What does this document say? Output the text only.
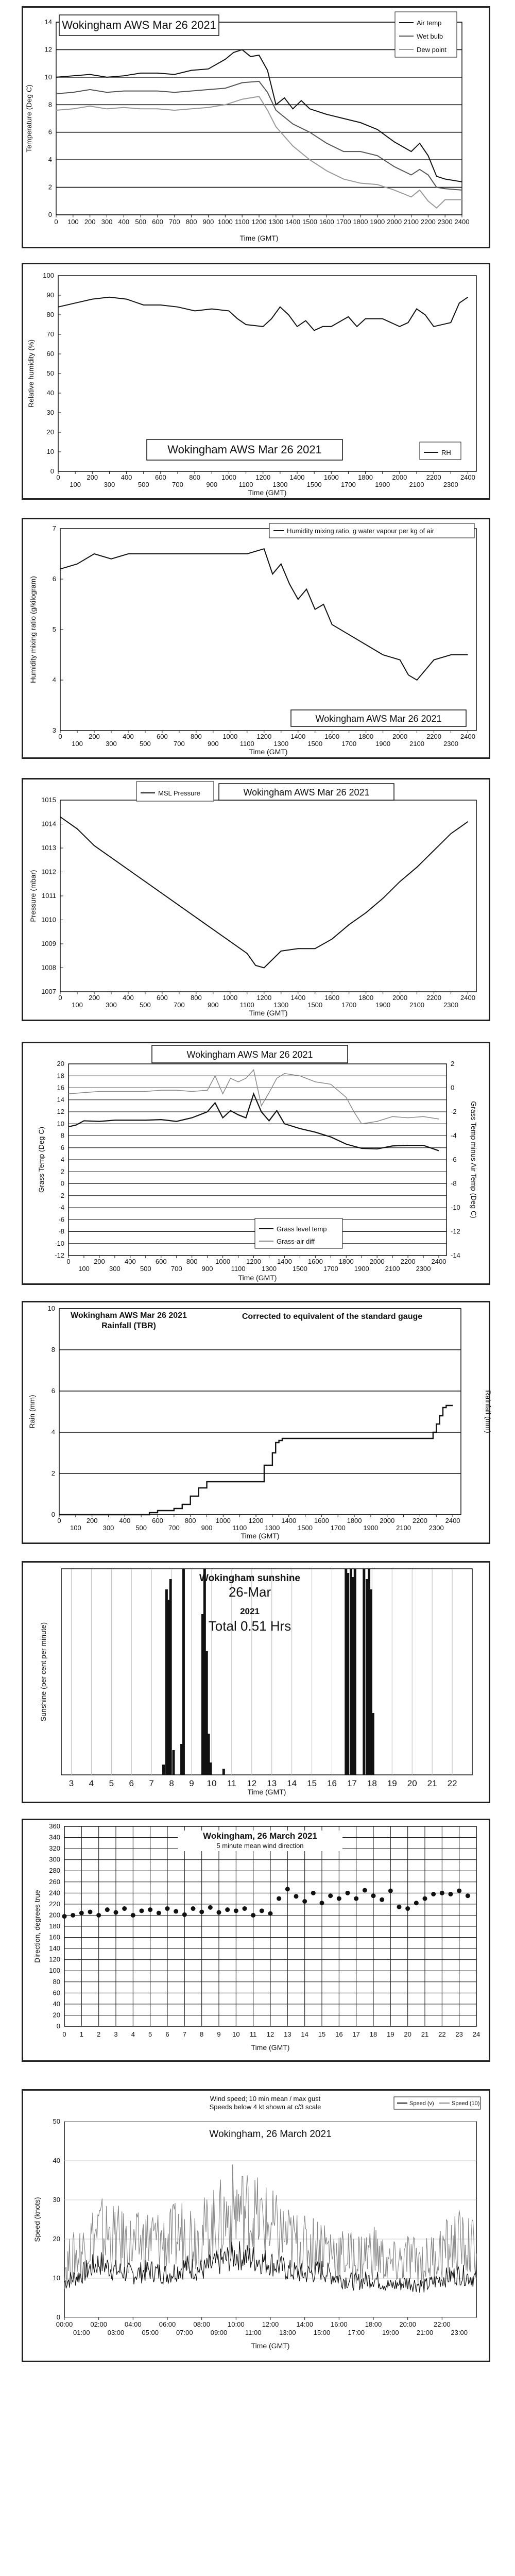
0
2
4
6
8
10
12
14
0 100 200 300 400 500 600 700 800 900 1000 1100 1200 1300 1400 1500 1600 1700 1800 1900 2000 2100 2200 2300 2400
Time (GMT)
Temperature (Deg C)
Wokingham AWS Mar 26 2021	Air temp
Wet bulb
Dew point
0
10
20
30
40
50
60
70
80
90
100
0
100
200
300
400
500
600
700
800
900
1000
1100
1200
1300
1400
1500
1600
1700
1800
1900
2000
2100
2200
2300
2400
Time (GMT)
Relative humidity (%)
Wokingham AWS Mar 26 2021	RH
3
4
5
6
7
0
100
200
300
400
500
600
700
800
900
1000
1100
1200
1300
1400
1500
1600
1700
1800
1900
2000
2100
2200
2300
2400
Time (GMT)
Humidity mixing ratio (g/kilogram)
Wokingham AWS Mar 26 2021
Humidity mixing ratio, g water vapour per kg of air
1007
1008
1009
1010
1011
1012
1013
1014
1015
0
100
200
300
400
500
600
700
800
900
1000
1100
1200
1300
1400
1500
1600
1700
1800
1900
2000
2100
2200
2300
2400
Time (GMT)
Pressure (mbar)
Wokingham AWS Mar 26 2021
MSL Pressure
-12
-10
-8
-6
-4
-2
0
2
4
6
8
10
12
14
16
18
20
-14
-12
-10
-8
-6
-4
-2
0
2
0
100
200
300
400
500
600
700
800
900
1000
1100
1200
1300
1400
1500
1600
1700
1800
1900
2000
2100
2200
2300
2400
Time (GMT)
Grass Temp (Deg C)	Grass Temp minus Air Temp (Deg C)
Wokingham AWS Mar 26 2021
Grass level temp
Grass-air diff
0
2
4
6
8
10
0
100
200
300
400
500
600
700
800
900
1000
1100
1200
1300
1400
1500
1600
1700
1800
1900
2000
2100
2200
2300
2400
Time (GMT)
Rain (mm)	Rainfall (mm)
Wokingham AWS Mar 26 2021
Rainfall (TBR)
Corrected to equivalent of the standard gauge
3 4 5 6 7 8 9 10 11 12 13 14 15 16 17 18 19 20 21 22
Time (GMT)
Sunshine (per cent per minute)
Wokingham sunshine
26-Mar
2021
Total 0.51 Hrs
0 1 2 3 4 5 6 7 8 9 10 11 12 13 14 15 16 17 18 19 20 21 22 23 24
0
20
40
60
80
100
120
140
160
180
200
220
240
260
280
300
320
340
360
Time (GMT)
Direction, degrees true
Wokingham, 26 March 2021
5 minute mean wind direction
0
10
20
30
40
50
00:00	02:00	04:00	06:00	08:00	10:00	12:00	14:00	16:00	18:00	20:00	22:00
01:00	03:00	05:00	07:00	09:00	11:00	13:00	15:00	17:00	19:00	21:00	23:00
Time (GMT)
Speed (knots)
Wind speed; 10 min mean / max gust
Speeds below 4 kt shown at c/3 scale
Wokingham, 26 March 2021
Speed (v)	Speed (10)
